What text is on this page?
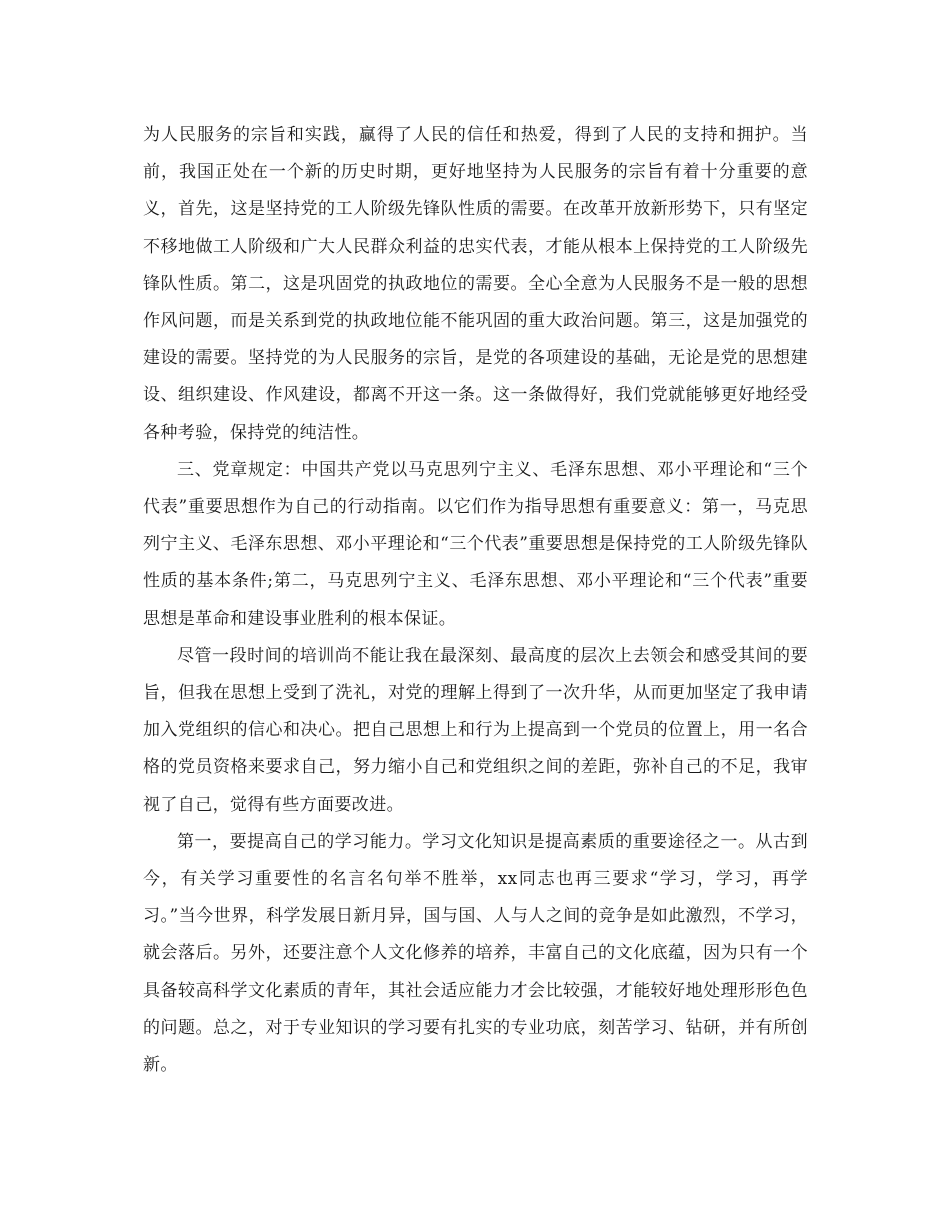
为人民服务的宗旨和实践，赢得了人民的信任和热爱，得到了人民的支持和拥护。当前，我国正处在一个新的历史时期，更好地坚持为人民服务的宗旨有着十分重要的意义，首先，这是坚持党的工人阶级先锋队性质的需要。在改革开放新形势下，只有坚定不移地做工人阶级和广大人民群众利益的忠实代表，才能从根本上保持党的工人阶级先锋队性质。第二，这是巩固党的执政地位的需要。全心全意为人民服务不是一般的思想作风问题，而是关系到党的执政地位能不能巩固的重大政治问题。第三，这是加强党的建设的需要。坚持党的为人民服务的宗旨，是党的各项建设的基础，无论是党的思想建设、组织建设、作风建设，都离不开这一条。这一条做得好，我们党就能够更好地经受各种考验，保持党的纯洁性。

三、党章规定：中国共产党以马克思列宁主义、毛泽东思想、邓小平理论和“三个代表”重要思想作为自己的行动指南。以它们作为指导思想有重要意义：第一，马克思列宁主义、毛泽东思想、邓小平理论和“三个代表”重要思想是保持党的工人阶级先锋队性质的基本条件;第二，马克思列宁主义、毛泽东思想、邓小平理论和“三个代表”重要思想是革命和建设事业胜利的根本保证。

尽管一段时间的培训尚不能让我在最深刻、最高度的层次上去领会和感受其间的要旨，但我在思想上受到了洗礼，对党的理解上得到了一次升华，从而更加坚定了我申请加入党组织的信心和决心。把自己思想上和行为上提高到一个党员的位置上，用一名合格的党员资格来要求自己，努力缩小自己和党组织之间的差距，弥补自己的不足，我审视了自己，觉得有些方面要改进。

第一，要提高自己的学习能力。学习文化知识是提高素质的重要途径之一。从古到今，有关学习重要性的名言名句举不胜举，xx同志也再三要求“学习，学习，再学习。”当今世界，科学发展日新月异，国与国、人与人之间的竞争是如此激烈，不学习，就会落后。另外，还要注意个人文化修养的培养，丰富自己的文化底蕴，因为只有一个具备较高科学文化素质的青年，其社会适应能力才会比较强，才能较好地处理形形色色的问题。总之，对于专业知识的学习要有扎实的专业功底，刻苦学习、钻研，并有所创新。
